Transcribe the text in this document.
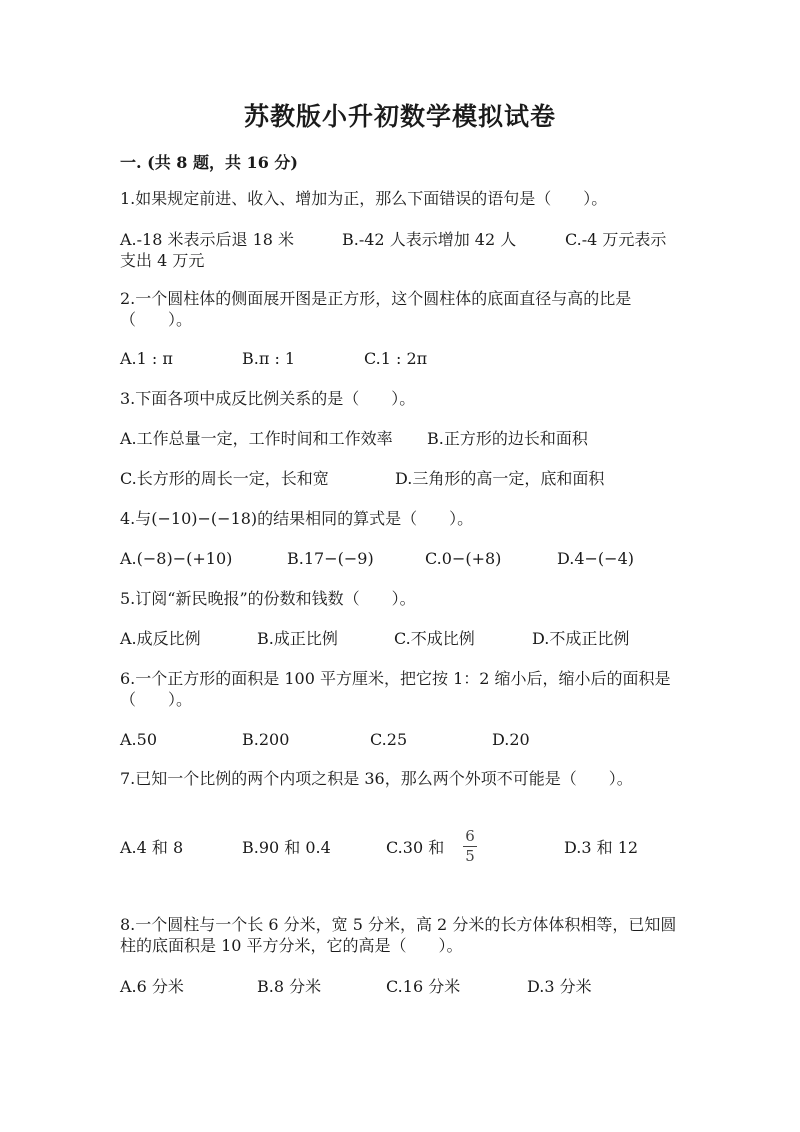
苏教版小升初数学模拟试卷
一. (共 8 题，共 16 分)
1.如果规定前进、收入、增加为正，那么下面错误的语句是（　　）。
A.-18 米表示后退 18 米	B.-42 人表示增加 42 人	C.-4 万元表示
支出 4 万元
2.一个圆柱体的侧面展开图是正方形，这个圆柱体的底面直径与高的比是（　　）。
A.1 : π	B.π : 1	C.1 : 2π
3.下面各项中成反比例关系的是（　　）。
A.工作总量一定，工作时间和工作效率 B.正方形的边长和面积
C.长方形的周长一定，长和宽	D.三角形的高一定，底和面积
4.与(−10)−(−18)的结果相同的算式是（　　）。
A.(−8)−(+10)	B.17−(−9)	C.0−(+8)	D.4−(−4)
5.订阅“新民晚报”的份数和钱数（　　）。
A.成反比例	B.成正比例	C.不成比例	D.不成正比例
6.一个正方形的面积是 100 平方厘米，把它按 1：2 缩小后，缩小后的面积是（　　）。
A.50	B.200	C.25	D.20
7.已知一个比例的两个内项之积是 36，那么两个外项不可能是（　　）。
A.4 和 8	B.90 和 0.4	C.30 和
6
5	D.3 和 12
8.一个圆柱与一个长 6 分米，宽 5 分米，高 2 分米的长方体体积相等，已知圆柱的底面积是 10 平方分米，它的高是（　　）。
A.6 分米	B.8 分米	C.16 分米	D.3 分米
